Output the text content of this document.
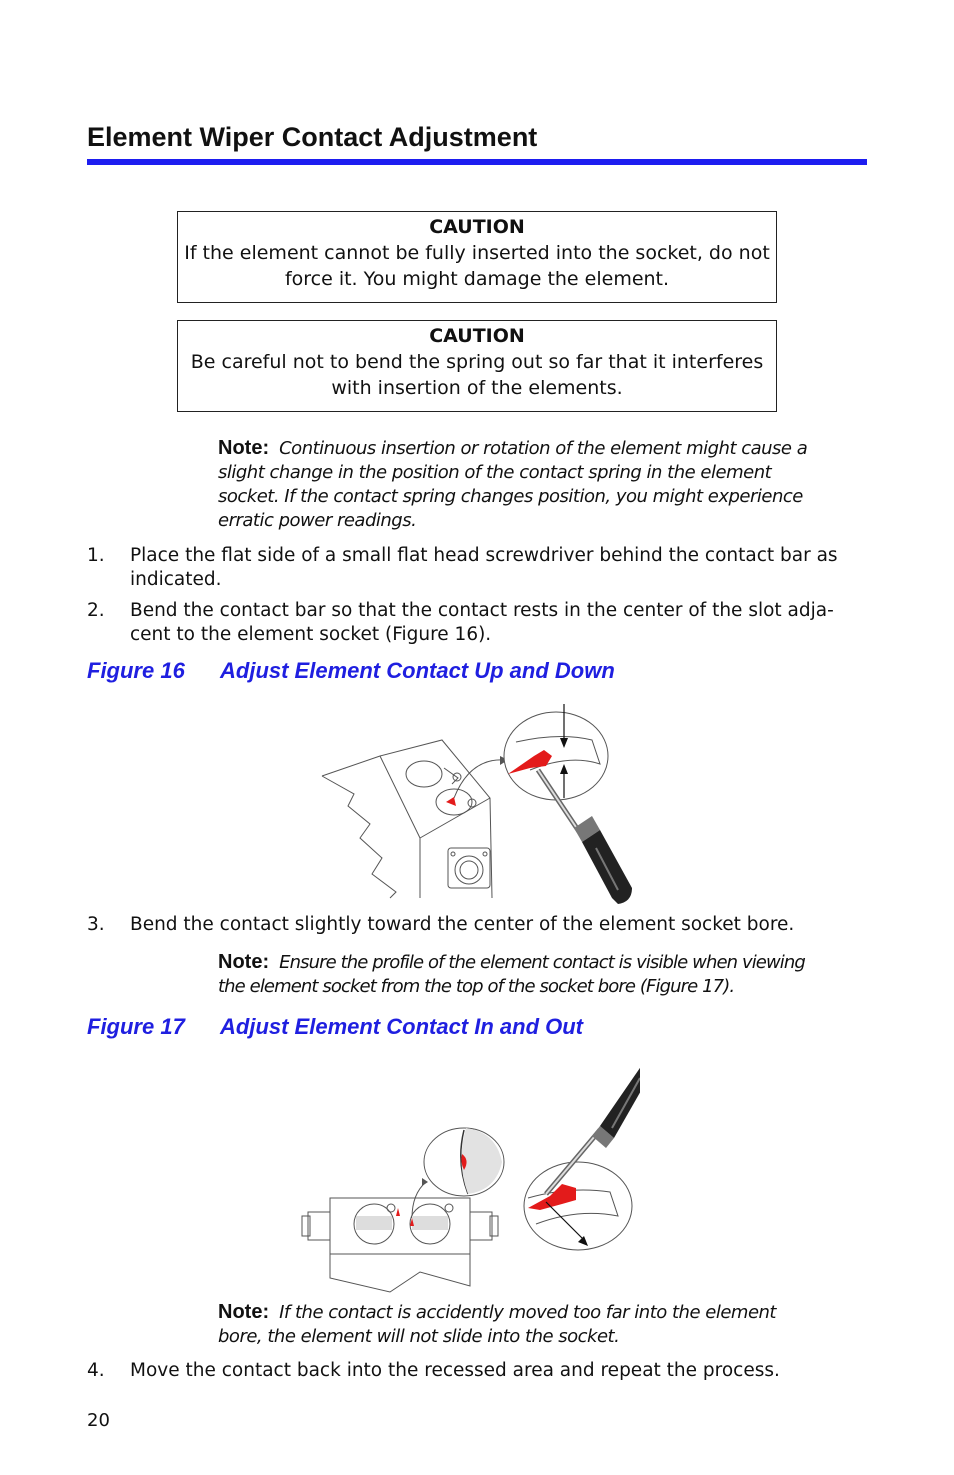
Element Wiper Contact Adjustment
CAUTION
If the element cannot be fully inserted into the socket, do not
force it. You might damage the element.
CAUTION
Be careful not to bend the spring out so far that it interferes
with insertion of the elements.
Note: Continuous insertion or rotation of the element might cause a
slight change in the position of the contact spring in the element
socket. If the contact spring changes position, you might experience
erratic power readings.
1. Place the flat side of a small flat head screwdriver behind the contact bar as
indicated.
2. Bend the contact bar so that the contact rests in the center of the slot adja-
cent to the element socket (Figure 16).
Figure 16 Adjust Element Contact Up and Down
3. Bend the contact slightly toward the center of the element socket bore.
Note: Ensure the profile of the element contact is visible when viewing
the element socket from the top of the socket bore (Figure 17).
Figure 17 Adjust Element Contact In and Out
Note: If the contact is accidently moved too far into the element
bore, the element will not slide into the socket.
4. Move the contact back into the recessed area and repeat the process.
20
